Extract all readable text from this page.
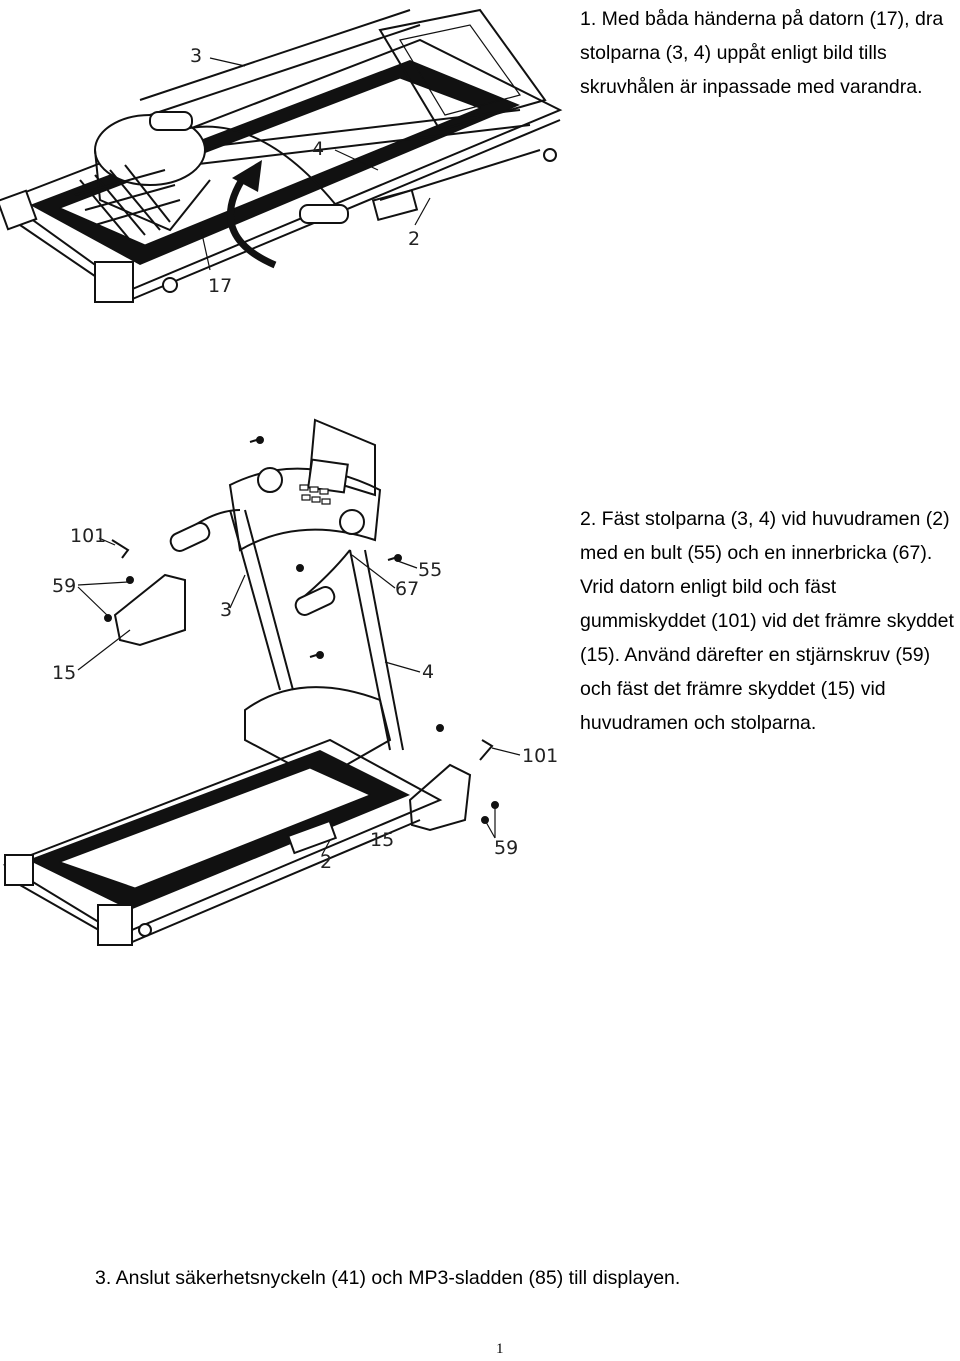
1. Med båda händerna på datorn (17), dra stolparna (3, 4) uppåt enligt bild tills skruvhålen är inpassade med varandra.

2. Fäst stolparna (3, 4) vid huvudramen (2) med en bult (55) och en innerbricka (67). Vrid datorn enligt bild och fäst gummiskyddet (101) vid det främre skyddet (15). Använd därefter en stjärnskruv (59) och fäst det främre skyddet (15) vid huvudramen och stolparna.

3. Anslut säkerhetsnyckeln (41) och MP3-sladden (85) till displayen.

3
4
2
17
101
59
15
3
55
67
4
101
15	59
2
1
